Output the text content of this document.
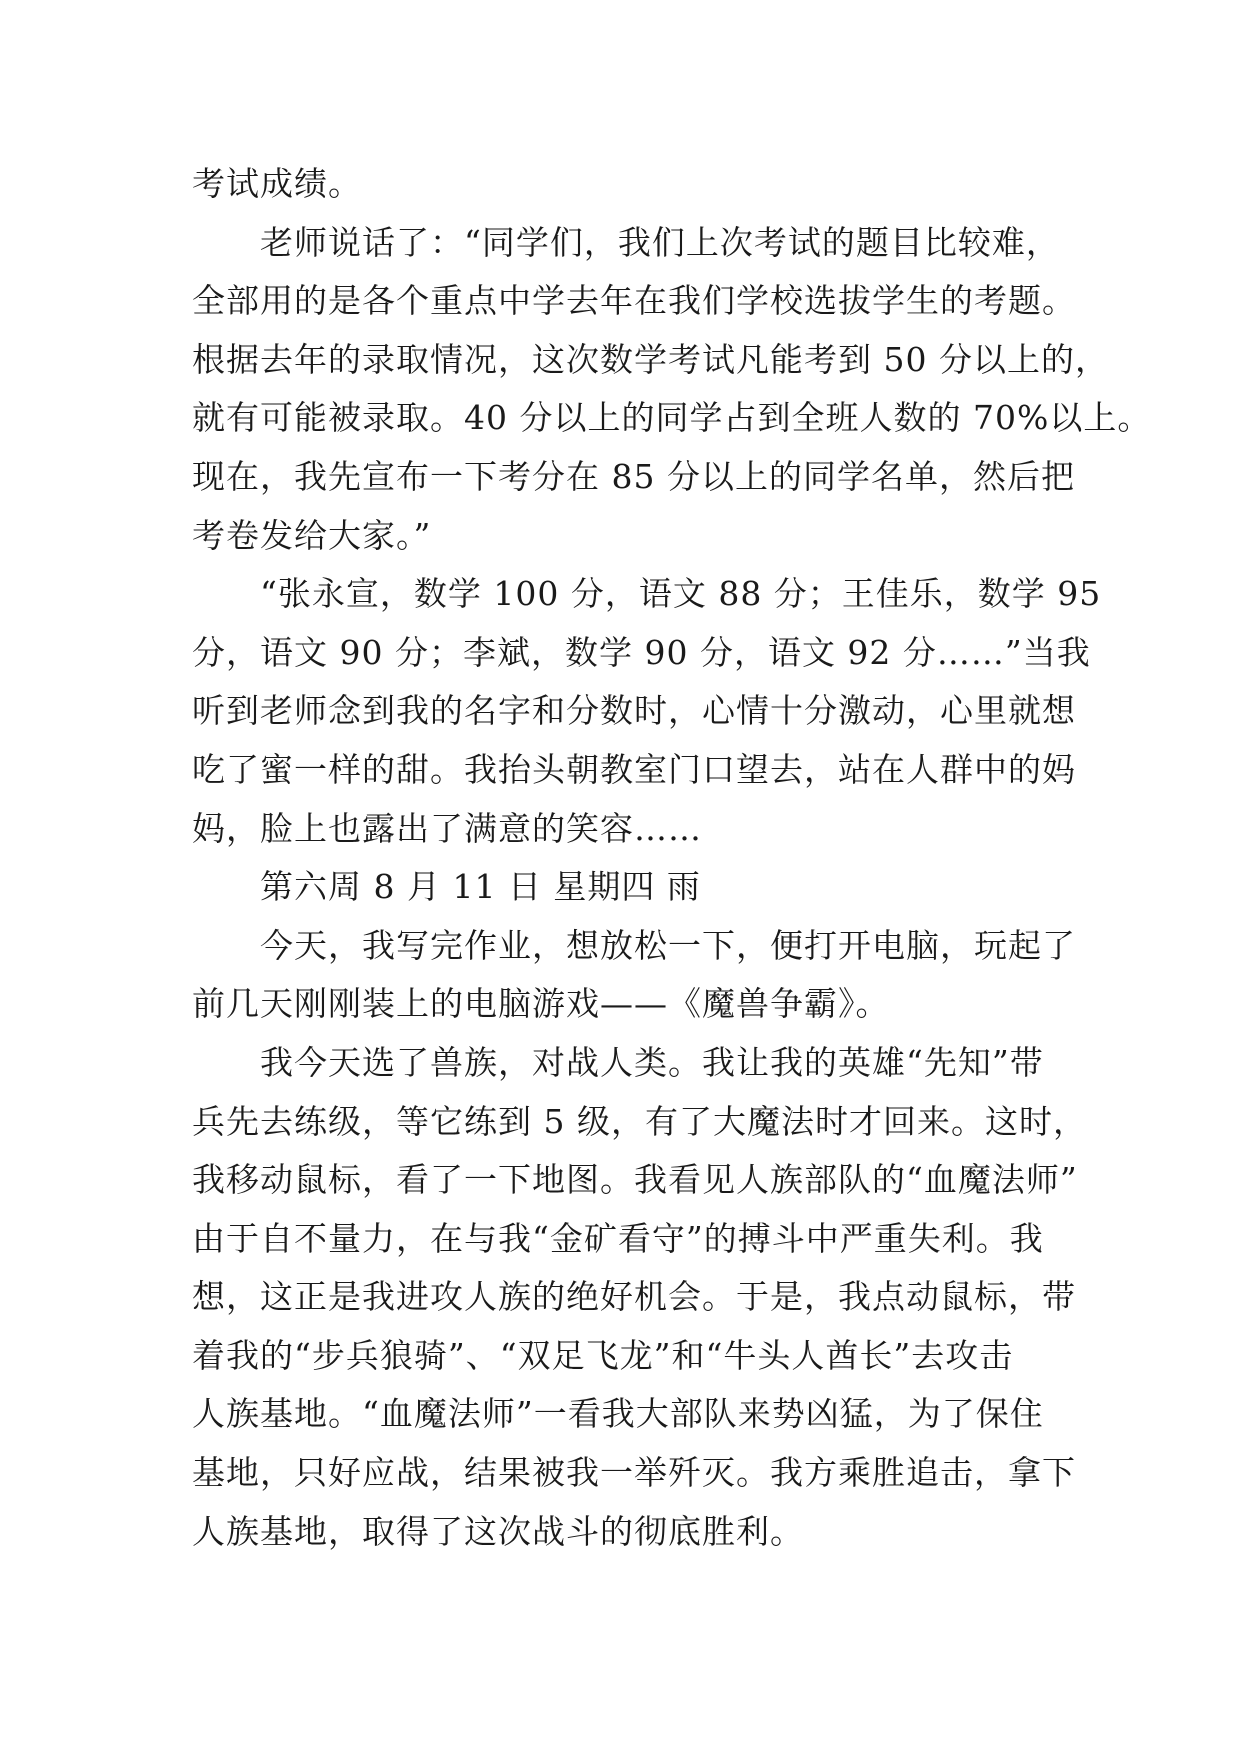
考试成绩。
老师说话了：“同学们，我们上次考试的题目比较难，
全部用的是各个重点中学去年在我们学校选拔学生的考题。
根据去年的录取情况，这次数学考试凡能考到 50 分以上的，
就有可能被录取。40 分以上的同学占到全班人数的 70%以上。
现在，我先宣布一下考分在 85 分以上的同学名单，然后把
考卷发给大家。”
“张永宣，数学 100 分，语文 88 分；王佳乐，数学 95
分，语文 90 分；李斌，数学 90 分，语文 92 分……”当我
听到老师念到我的名字和分数时，心情十分激动，心里就想
吃了蜜一样的甜。我抬头朝教室门口望去，站在人群中的妈
妈，脸上也露出了满意的笑容……
第六周 8 月 11 日 星期四 雨
今天，我写完作业，想放松一下，便打开电脑，玩起了
前几天刚刚装上的电脑游戏——《魔兽争霸》。
我今天选了兽族，对战人类。我让我的英雄“先知”带
兵先去练级，等它练到 5 级，有了大魔法时才回来。这时，
我移动鼠标，看了一下地图。我看见人族部队的“血魔法师”
由于自不量力，在与我“金矿看守”的搏斗中严重失利。我
想，这正是我进攻人族的绝好机会。于是，我点动鼠标，带
着我的“步兵狼骑”、“双足飞龙”和“牛头人酋长”去攻击
人族基地。“血魔法师”一看我大部队来势凶猛，为了保住
基地，只好应战，结果被我一举歼灭。我方乘胜追击，拿下
人族基地，取得了这次战斗的彻底胜利。
